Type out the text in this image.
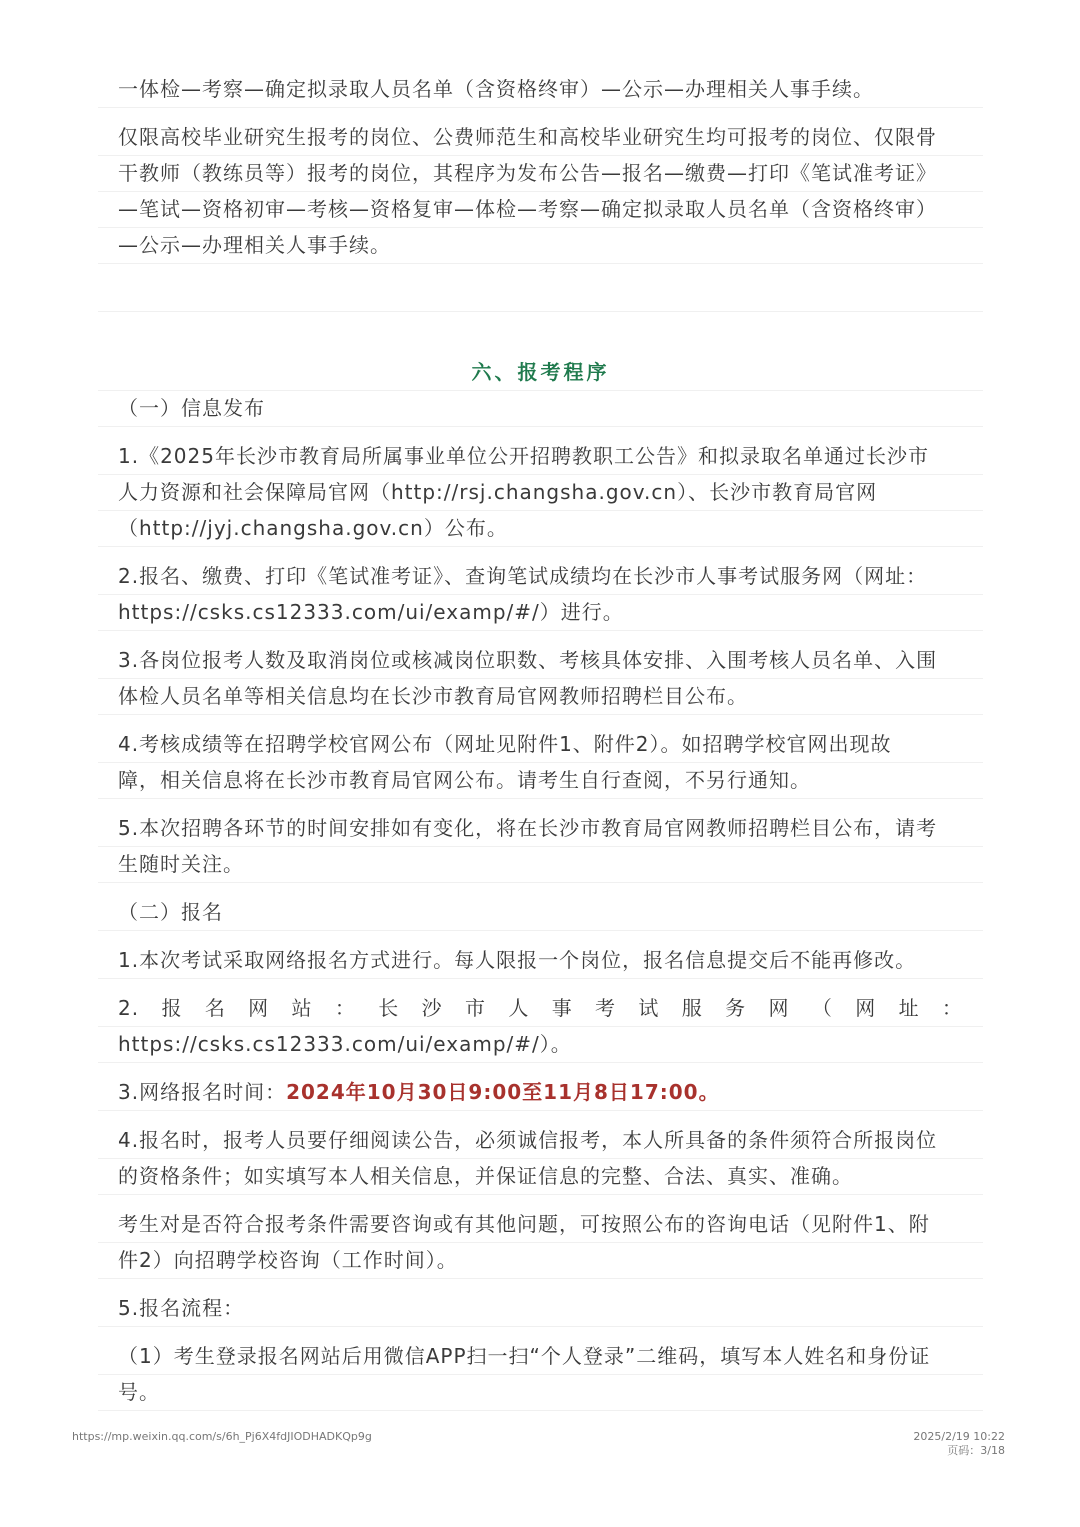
一体检—考察—确定拟录取人员名单（含资格终审）—公示—办理相关人事手续。
仅限高校毕业研究生报考的岗位、公费师范生和高校毕业研究生均可报考的岗位、仅限骨
干教师（教练员等）报考的岗位，其程序为发布公告—报名—缴费—打印《笔试准考证》
—笔试—资格初审—考核—资格复审—体检—考察—确定拟录取人员名单（含资格终审）
—公示—办理相关人事手续。
六、报考程序
（一）信息发布
1.《2025年长沙市教育局所属事业单位公开招聘教职工公告》和拟录取名单通过长沙市
人力资源和社会保障局官网（http://rsj.changsha.gov.cn）、长沙市教育局官网
（http://jyj.changsha.gov.cn）公布。
2.报名、缴费、打印《笔试准考证》、查询笔试成绩均在长沙市人事考试服务网（网址：
https://csks.cs12333.com/ui/examp/#/）进行。
3.各岗位报考人数及取消岗位或核减岗位职数、考核具体安排、入围考核人员名单、入围
体检人员名单等相关信息均在长沙市教育局官网教师招聘栏目公布。
4.考核成绩等在招聘学校官网公布（网址见附件1、附件2）。如招聘学校官网出现故
障，相关信息将在长沙市教育局官网公布。请考生自行查阅，不另行通知。
5.本次招聘各环节的时间安排如有变化，将在长沙市教育局官网教师招聘栏目公布，请考
生随时关注。
（二）报名
1.本次考试采取网络报名方式进行。每人限报一个岗位，报名信息提交后不能再修改。
2. 报 名 网 站 ： 长 沙 市 人 事 考 试 服 务 网 （ 网 址 ：
https://csks.cs12333.com/ui/examp/#/）。
3.网络报名时间：2024年10月30日9:00至11月8日17:00。
4.报名时，报考人员要仔细阅读公告，必须诚信报考，本人所具备的条件须符合所报岗位
的资格条件；如实填写本人相关信息，并保证信息的完整、合法、真实、准确。
考生对是否符合报考条件需要咨询或有其他问题，可按照公布的咨询电话（见附件1、附
件2）向招聘学校咨询（工作时间）。
5.报名流程：
（1）考生登录报名网站后用微信APP扫一扫“个人登录”二维码，填写本人姓名和身份证
号。
https://mp.weixin.qq.com/s/6h_Pj6X4fdJIODHADKQp9g	2025/2/19 10:22
页码：3/18
